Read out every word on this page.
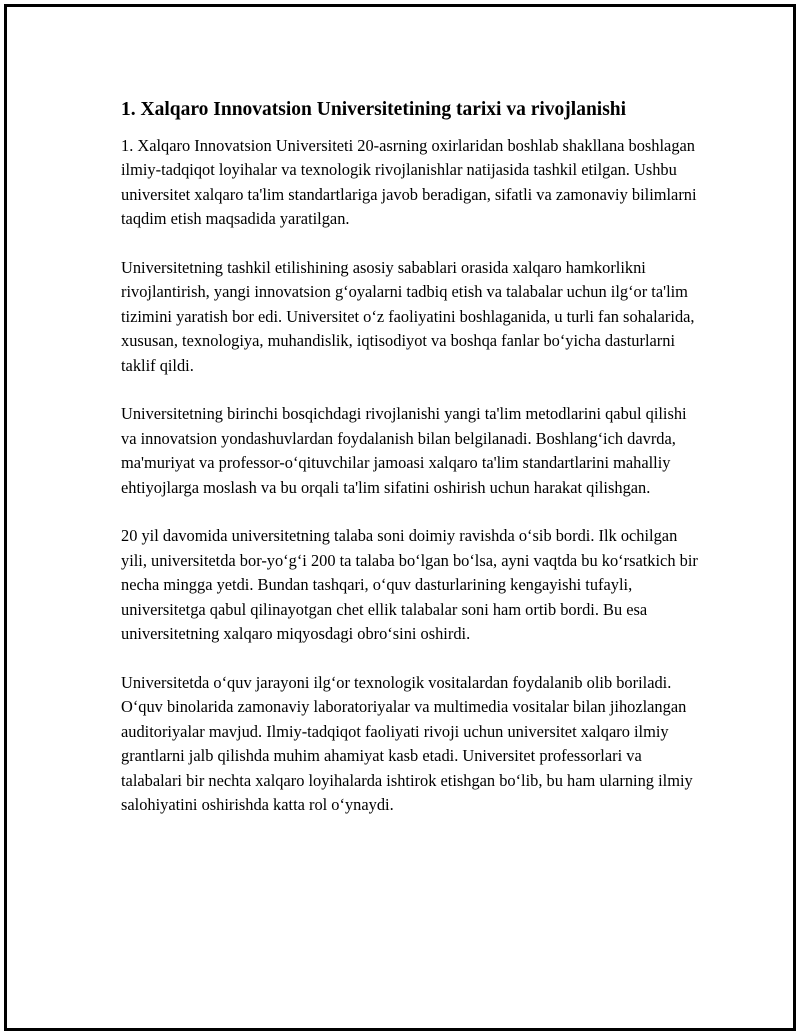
1. Xalqaro Innovatsion Universitetining tarixi va rivojlanishi

1. Xalqaro Innovatsion Universiteti 20-asrning oxirlaridan boshlab shakllana boshlagan ilmiy-tadqiqot loyihalar va texnologik rivojlanishlar natijasida tashkil etilgan. Ushbu universitet xalqaro ta'lim standartlariga javob beradigan, sifatli va zamonaviy bilimlarni taqdim etish maqsadida yaratilgan.

Universitetning tashkil etilishining asosiy sabablari orasida xalqaro hamkorlikni rivojlantirish, yangi innovatsion g‘oyalarni tadbiq etish va talabalar uchun ilg‘or ta'lim tizimini yaratish bor edi. Universitet o‘z faoliyatini boshlaganida, u turli fan sohalarida, xususan, texnologiya, muhandislik, iqtisodiyot va boshqa fanlar bo‘yicha dasturlarni taklif qildi.

Universitetning birinchi bosqichdagi rivojlanishi yangi ta'lim metodlarini qabul qilishi va innovatsion yondashuvlardan foydalanish bilan belgilanadi. Boshlang‘ich davrda, ma'muriyat va professor-o‘qituvchilar jamoasi xalqaro ta'lim standartlarini mahalliy ehtiyojlarga moslash va bu orqali ta'lim sifatini oshirish uchun harakat qilishgan.

20 yil davomida universitetning talaba soni doimiy ravishda o‘sib bordi. Ilk ochilgan yili, universitetda bor-yo‘g‘i 200 ta talaba bo‘lgan bo‘lsa, ayni vaqtda bu ko‘rsatkich bir necha mingga yetdi. Bundan tashqari, o‘quv dasturlarining kengayishi tufayli, universitetga qabul qilinayotgan chet ellik talabalar soni ham ortib bordi. Bu esa universitetning xalqaro miqyosdagi obro‘sini oshirdi.

Universitetda o‘quv jarayoni ilg‘or texnologik vositalardan foydalanib olib boriladi. O‘quv binolarida zamonaviy laboratoriyalar va multimedia vositalar bilan jihozlangan auditoriyalar mavjud. Ilmiy-tadqiqot faoliyati rivoji uchun universitet xalqaro ilmiy grantlarni jalb qilishda muhim ahamiyat kasb etadi. Universitet professorlari va talabalari bir nechta xalqaro loyihalarda ishtirok etishgan bo‘lib, bu ham ularning ilmiy salohiyatini oshirishda katta rol o‘ynaydi.
